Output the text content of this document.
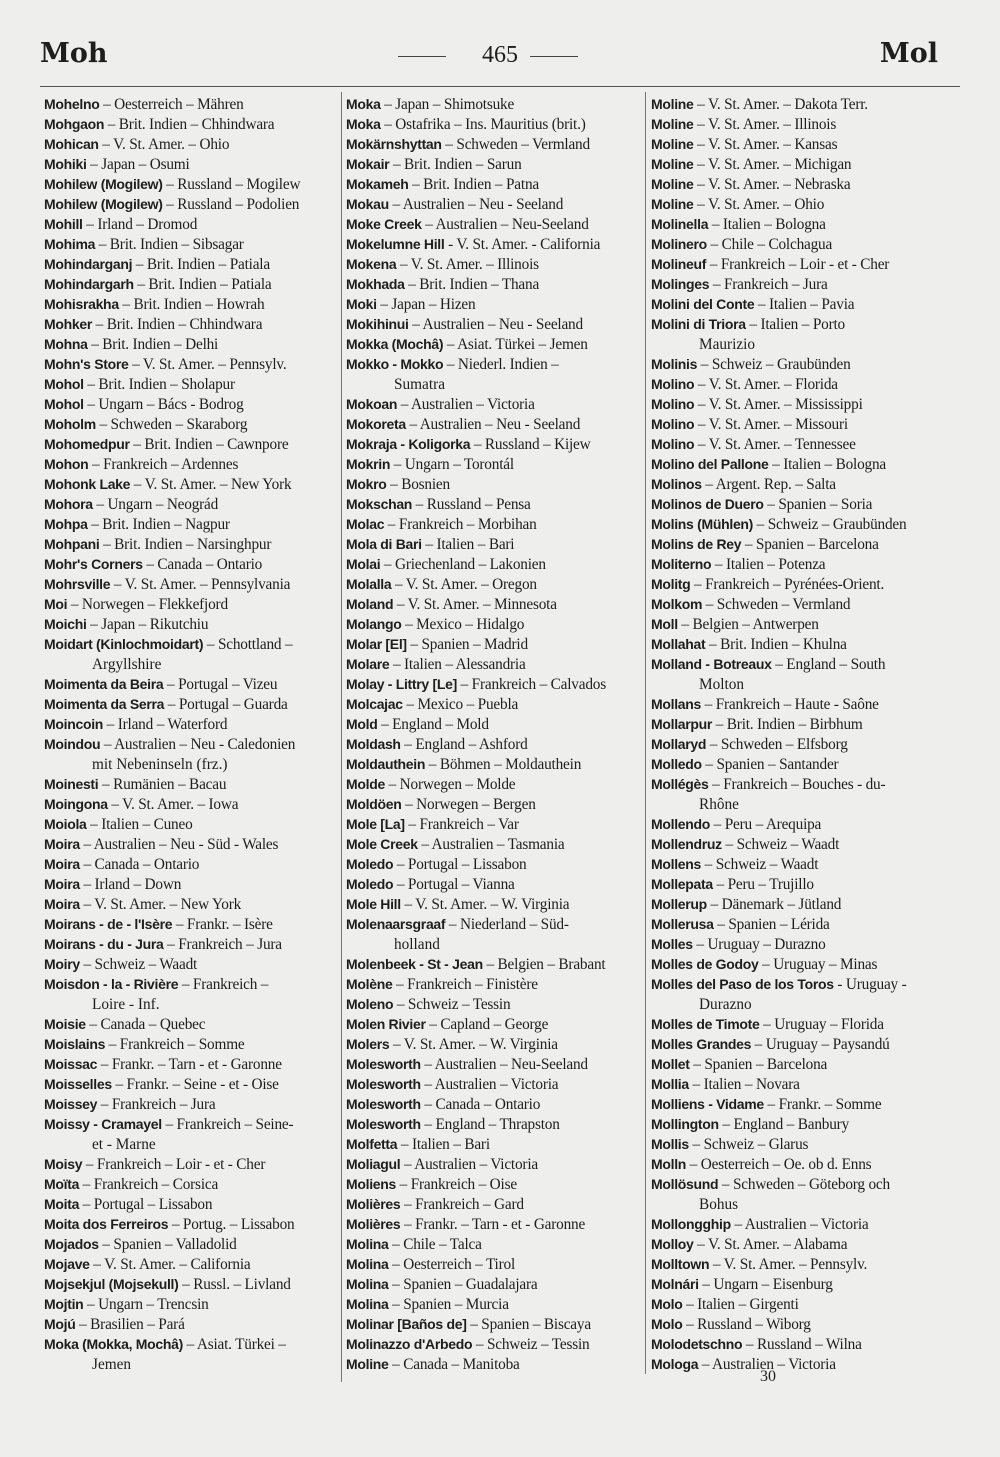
Moh	465	Mol
Mohelno – Oesterreich – Mähren
Mohgaon – Brit. Indien – Chhindwara
Mohican – V. St. Amer. – Ohio
Mohiki – Japan – Osumi
Mohilew (Mogilew) – Russland – Mogilew
Mohilew (Mogilew) – Russland – Podolien
Mohill – Irland – Dromod
Mohima – Brit. Indien – Sibsagar
Mohindarganj – Brit. Indien – Patiala
Mohindargarh – Brit. Indien – Patiala
Mohisrakha – Brit. Indien – Howrah
Mohker – Brit. Indien – Chhindwara
Mohna – Brit. Indien – Delhi
Mohn's Store – V. St. Amer. – Pennsylv.
Mohol – Brit. Indien – Sholapur
Mohol – Ungarn – Bács - Bodrog
Moholm – Schweden – Skaraborg
Mohomedpur – Brit. Indien – Cawnpore
Mohon – Frankreich – Ardennes
Mohonk Lake – V. St. Amer. – New York
Mohora – Ungarn – Neográd
Mohpa – Brit. Indien – Nagpur
Mohpani – Brit. Indien – Narsinghpur
Mohr's Corners – Canada – Ontario
Mohrsville – V. St. Amer. – Pennsylvania
Moi – Norwegen – Flekkefjord
Moichi – Japan – Rikutchiu
Moidart (Kinlochmoidart) – Schottland –
Argyllshire
Moimenta da Beira – Portugal – Vizeu
Moimenta da Serra – Portugal – Guarda
Moincoin – Irland – Waterford
Moindou – Australien – Neu - Caledonien
mit Nebeninseln (frz.)
Moinesti – Rumänien – Bacau
Moingona – V. St. Amer. – Iowa
Moiola – Italien – Cuneo
Moira – Australien – Neu - Süd - Wales
Moira – Canada – Ontario
Moira – Irland – Down
Moira – V. St. Amer. – New York
Moirans - de - l'Isère – Frankr. – Isère
Moirans - du - Jura – Frankreich – Jura
Moiry – Schweiz – Waadt
Moisdon - la - Rivière – Frankreich –
Loire - Inf.
Moisie – Canada – Quebec
Moislains – Frankreich – Somme
Moissac – Frankr. – Tarn - et - Garonne
Moisselles – Frankr. – Seine - et - Oise
Moissey – Frankreich – Jura
Moissy - Cramayel – Frankreich – Seine-
et - Marne
Moisy – Frankreich – Loir - et - Cher
Moïta – Frankreich – Corsica
Moita – Portugal – Lissabon
Moita dos Ferreiros – Portug. – Lissabon
Mojados – Spanien – Valladolid
Mojave – V. St. Amer. – California
Mojsekjul (Mojsekull) – Russl. – Livland
Mojtin – Ungarn – Trencsin
Mojú – Brasilien – Pará
Moka (Mokka, Mochâ) – Asiat. Türkei –
Jemen
Moka – Japan – Shimotsuke
Moka – Ostafrika – Ins. Mauritius (brit.)
Mokärnshyttan – Schweden – Vermland
Mokair – Brit. Indien – Sarun
Mokameh – Brit. Indien – Patna
Mokau – Australien – Neu - Seeland
Moke Creek – Australien – Neu-Seeland
Mokelumne Hill - V. St. Amer. - California
Mokena – V. St. Amer. – Illinois
Mokhada – Brit. Indien – Thana
Moki – Japan – Hizen
Mokihinui – Australien – Neu - Seeland
Mokka (Mochâ) – Asiat. Türkei – Jemen
Mokko - Mokko – Niederl. Indien –
Sumatra
Mokoan – Australien – Victoria
Mokoreta – Australien – Neu - Seeland
Mokraja - Koligorka – Russland – Kijew
Mokrin – Ungarn – Torontál
Mokro – Bosnien
Mokschan – Russland – Pensa
Molac – Frankreich – Morbihan
Mola di Bari – Italien – Bari
Molai – Griechenland – Lakonien
Molalla – V. St. Amer. – Oregon
Moland – V. St. Amer. – Minnesota
Molango – Mexico – Hidalgo
Molar [El] – Spanien – Madrid
Molare – Italien – Alessandria
Molay - Littry [Le] – Frankreich – Calvados
Molcajac – Mexico – Puebla
Mold – England – Mold
Moldash – England – Ashford
Moldauthein – Böhmen – Moldauthein
Molde – Norwegen – Molde
Moldöen – Norwegen – Bergen
Mole [La] – Frankreich – Var
Mole Creek – Australien – Tasmania
Moledo – Portugal – Lissabon
Moledo – Portugal – Vianna
Mole Hill – V. St. Amer. – W. Virginia
Molenaarsgraaf – Niederland – Süd-
holland
Molenbeek - St - Jean – Belgien – Brabant
Molène – Frankreich – Finistère
Moleno – Schweiz – Tessin
Molen Rivier – Capland – George
Molers – V. St. Amer. – W. Virginia
Molesworth – Australien – Neu-Seeland
Molesworth – Australien – Victoria
Molesworth – Canada – Ontario
Molesworth – England – Thrapston
Molfetta – Italien – Bari
Moliagul – Australien – Victoria
Moliens – Frankreich – Oise
Molières – Frankreich – Gard
Molières – Frankr. – Tarn - et - Garonne
Molina – Chile – Talca
Molina – Oesterreich – Tirol
Molina – Spanien – Guadalajara
Molina – Spanien – Murcia
Molinar [Baños de] – Spanien – Biscaya
Molinazzo d'Arbedo – Schweiz – Tessin
Moline – Canada – Manitoba
Moline – V. St. Amer. – Dakota Terr.
Moline – V. St. Amer. – Illinois
Moline – V. St. Amer. – Kansas
Moline – V. St. Amer. – Michigan
Moline – V. St. Amer. – Nebraska
Moline – V. St. Amer. – Ohio
Molinella – Italien – Bologna
Molinero – Chile – Colchagua
Molineuf – Frankreich – Loir - et - Cher
Molinges – Frankreich – Jura
Molini del Conte – Italien – Pavia
Molini di Triora – Italien – Porto
Maurizio
Molinis – Schweiz – Graubünden
Molino – V. St. Amer. – Florida
Molino – V. St. Amer. – Mississippi
Molino – V. St. Amer. – Missouri
Molino – V. St. Amer. – Tennessee
Molino del Pallone – Italien – Bologna
Molinos – Argent. Rep. – Salta
Molinos de Duero – Spanien – Soria
Molins (Mühlen) – Schweiz – Graubünden
Molins de Rey – Spanien – Barcelona
Moliterno – Italien – Potenza
Molitg – Frankreich – Pyrénées-Orient.
Molkom – Schweden – Vermland
Moll – Belgien – Antwerpen
Mollahat – Brit. Indien – Khulna
Molland - Botreaux – England – South
Molton
Mollans – Frankreich – Haute - Saône
Mollarpur – Brit. Indien – Birbhum
Mollaryd – Schweden – Elfsborg
Molledo – Spanien – Santander
Mollégès – Frankreich – Bouches - du-
Rhône
Mollendo – Peru – Arequipa
Mollendruz – Schweiz – Waadt
Mollens – Schweiz – Waadt
Mollepata – Peru – Trujillo
Mollerup – Dänemark – Jütland
Mollerusa – Spanien – Lérida
Molles – Uruguay – Durazno
Molles de Godoy – Uruguay – Minas
Molles del Paso de los Toros - Uruguay -
Durazno
Molles de Timote – Uruguay – Florida
Molles Grandes – Uruguay – Paysandú
Mollet – Spanien – Barcelona
Mollia – Italien – Novara
Molliens - Vidame – Frankr. – Somme
Mollington – England – Banbury
Mollis – Schweiz – Glarus
Molln – Oesterreich – Oe. ob d. Enns
Mollösund – Schweden – Göteborg och
Bohus
Mollongghip – Australien – Victoria
Molloy – V. St. Amer. – Alabama
Molltown – V. St. Amer. – Pennsylv.
Molnári – Ungarn – Eisenburg
Molo – Italien – Girgenti
Molo – Russland – Wiborg
Molodetschno – Russland – Wilna
Mologa – Australien – Victoria
30
